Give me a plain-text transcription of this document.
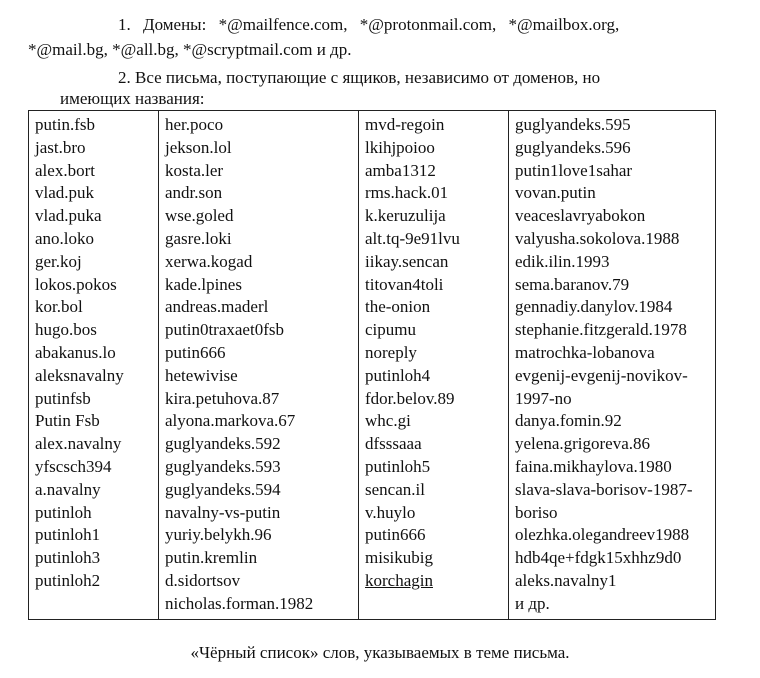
1. Домены: *@mailfence.com, *@protonmail.com, *@mailbox.org,
*@mail.bg, *@all.bg, *@scryptmail.com и др.
2. Все письма, поступающие с ящиков, независимо от доменов, но
имеющих названия:
putin.fsb
jast.bro
alex.bort
vlad.puk
vlad.puka
ano.loko
ger.koj
lokos.pokos
kor.bol
hugo.bos
abakanus.lo
aleksnavalny
putinfsb
Putin Fsb
alex.navalny
yfscsch394
a.navalny
putinloh
putinloh1
putinloh3
putinloh2
her.poco
jekson.lol
kosta.ler
andr.son
wse.goled
gasre.loki
xerwa.kogad
kade.lpines
andreas.maderl
putin0traxaet0fsb
putin666
hetewivise
kira.petuhova.87
alyona.markova.67
guglyandeks.592
guglyandeks.593
guglyandeks.594
navalny-vs-putin
yuriy.belykh.96
putin.kremlin
d.sidortsov
nicholas.forman.1982
mvd-regoin
lkihjpoioo
amba1312
rms.hack.01
k.keruzulija
alt.tq-9e91lvu
iikay.sencan
titovan4toli
the-onion
cipumu
noreply
putinloh4
fdor.belov.89
whc.gi
dfsssaaa
putinloh5
sencan.il
v.huylo
putin666
misikubig
korchagin
guglyandeks.595
guglyandeks.596
putin1love1sahar
vovan.putin
veaceslavryabokon
valyusha.sokolova.1988
edik.ilin.1993
sema.baranov.79
gennadiy.danylov.1984
stephanie.fitzgerald.1978
matrochka-lobanova
evgenij-evgenij-novikov-
1997-no
danya.fomin.92
yelena.grigoreva.86
faina.mikhaylova.1980
slava-slava-borisov-1987-
boriso
olezhka.olegandreev1988
hdb4qe+fdgk15xhhz9d0
aleks.navalny1
и др.
«Чёрный список» слов, указываемых в теме письма.
